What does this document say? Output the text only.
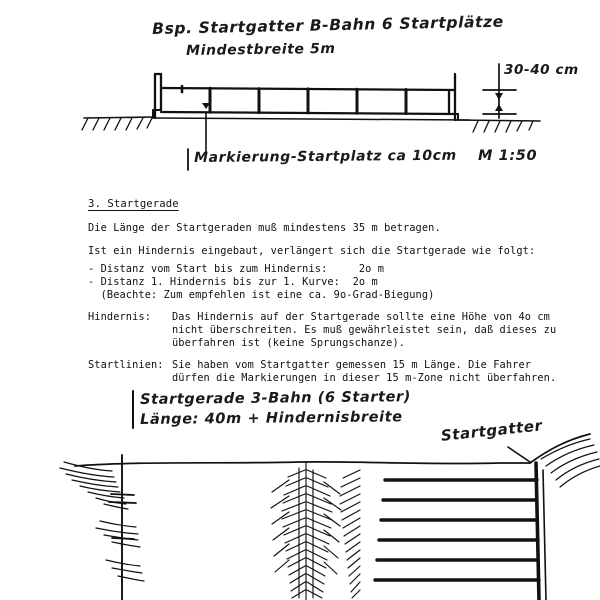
Bsp. Startgatter B-Bahn 6 Startplätze
Mindestbreite 5m
30-40 cm
Markierung-Startplatz ca 10cm M 1:50
3. Startgerade
Die Länge der Startgeraden muß mindestens 35 m betragen.
Ist ein Hindernis eingebaut, verlängert sich die Startgerade wie folgt:
- Distanz vom Start bis zum Hindernis:     2o m
- Distanz 1. Hindernis bis zur 1. Kurve:  2o m
(Beachte: Zum empfehlen ist eine ca. 9o-Grad-Biegung)
Hindernis: Das Hindernis auf der Startgerade sollte eine Höhe von 4o cm
nicht überschreiten. Es muß gewährleistet sein, daß dieses zu
überfahren ist (keine Sprungschanze).
Startlinien: Sie haben vom Startgatter gemessen 15 m Länge. Die Fahrer
dürfen die Markierungen in dieser 15 m-Zone nicht überfahren.
Startgerade 3-Bahn (6 Starter)
Länge: 40m + Hindernisbreite Startgatter
